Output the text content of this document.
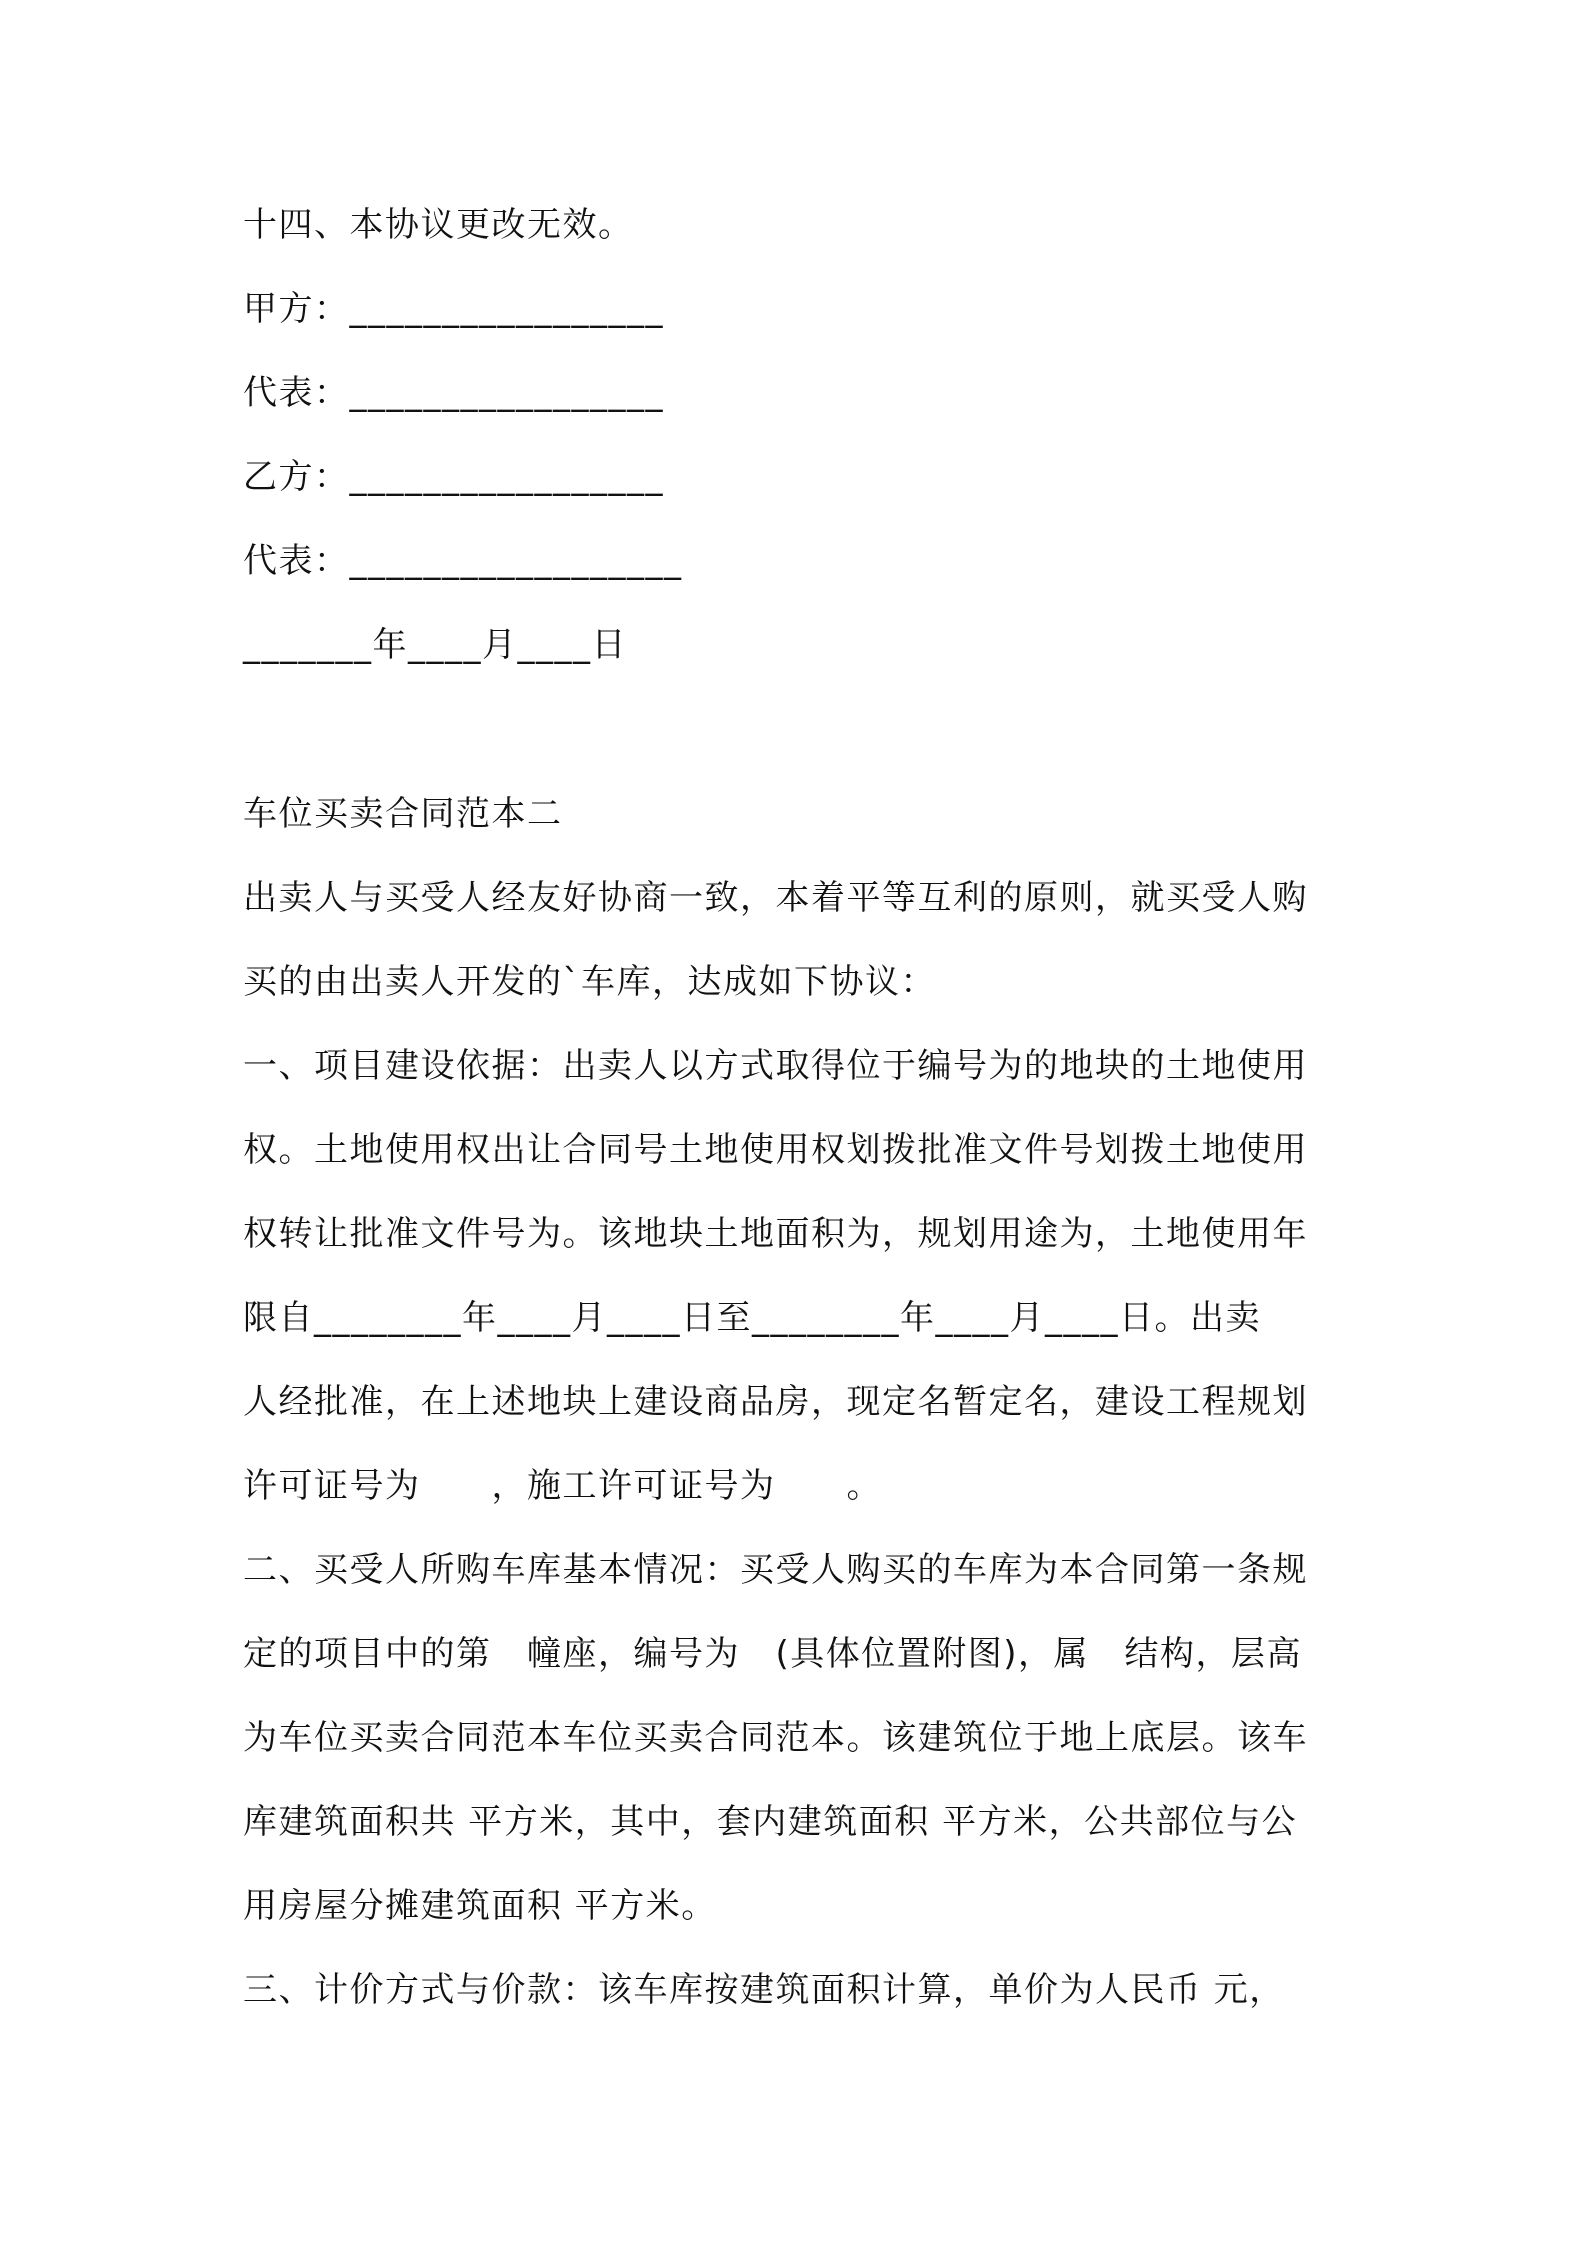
十四、本协议更改无效。

甲方：_________________

代表：_________________

乙方：_________________

代表：__________________

_______年____月____日

车位买卖合同范本二

出卖人与买受人经友好协商一致，本着平等互利的原则，就买受人购

买的由出卖人开发的`车库，达成如下协议：

一、项目建设依据：出卖人以方式取得位于编号为的地块的土地使用

权。土地使用权出让合同号土地使用权划拨批准文件号划拨土地使用

权转让批准文件号为。该地块土地面积为，规划用途为，土地使用年

限自________年____月____日至________年____月____日。出卖

人经批准，在上述地块上建设商品房，现定名暂定名，建设工程规划

许可证号为　　，施工许可证号为　　。

二、买受人所购车库基本情况：买受人购买的车库为本合同第一条规

定的项目中的第　幢座，编号为　(具体位置附图)，属　结构，层高

为车位买卖合同范本车位买卖合同范本。该建筑位于地上底层。该车

库建筑面积共 平方米，其中，套内建筑面积 平方米，公共部位与公

用房屋分摊建筑面积 平方米。

三、计价方式与价款：该车库按建筑面积计算，单价为人民币 元，
